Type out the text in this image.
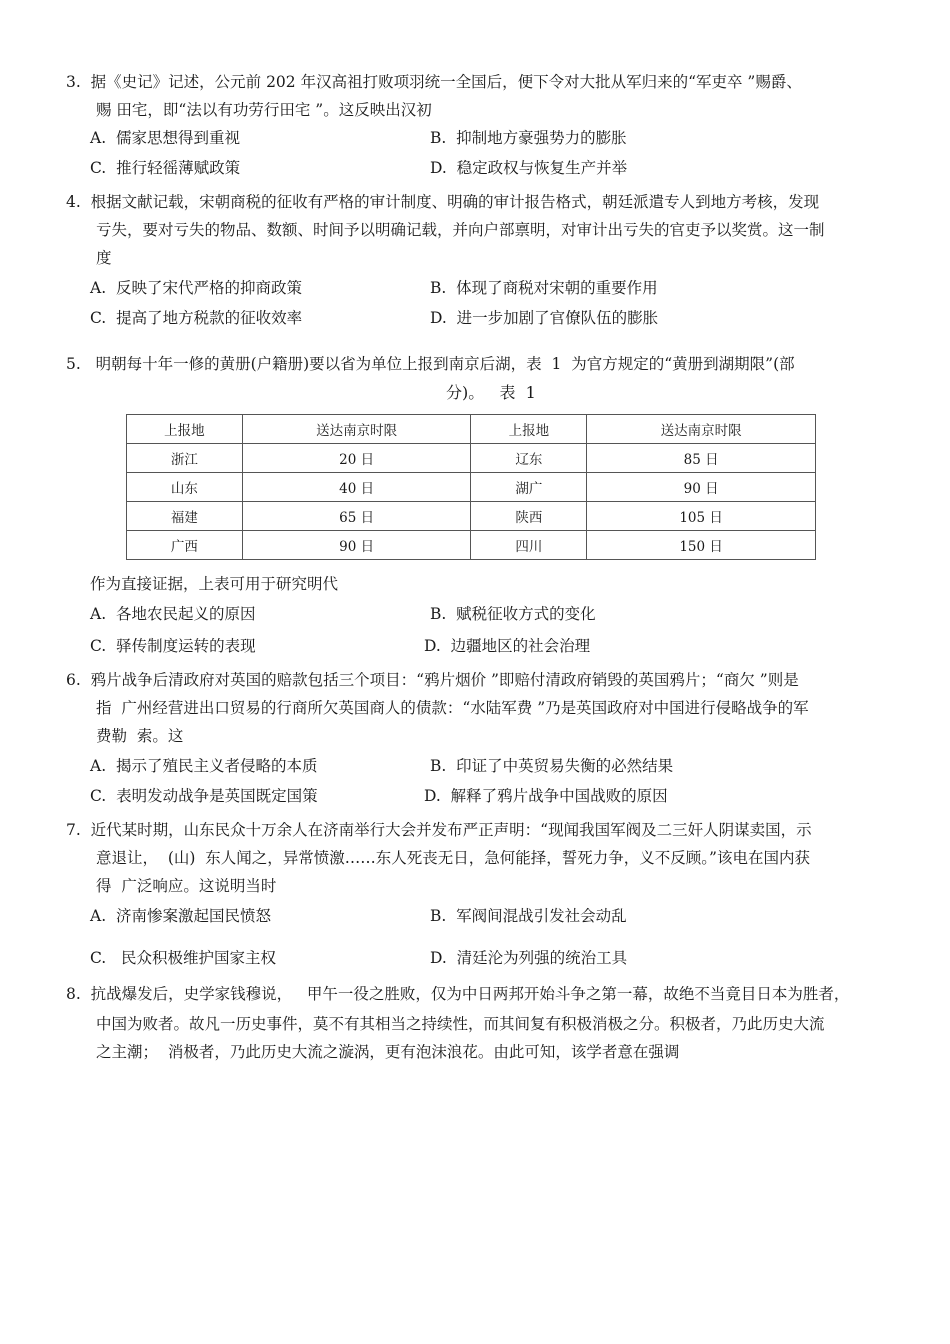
3.  据《史记》记述，公元前 202 年汉高祖打败项羽统一全国后，便下令对大批从军归来的“军吏卒 ”赐爵、
赐 田宅，即“法以有功劳行田宅 ”。这反映出汉初
A.  儒家思想得到重视	B.  抑制地方豪强势力的膨胀
C.  推行轻徭薄赋政策	D.  稳定政权与恢复生产并举
4.  根据文献记载，宋朝商税的征收有严格的审计制度、明确的审计报告格式，朝廷派遣专人到地方考核，发现
亏失，要对亏失的物品、数额、时间予以明确记载，并向户部禀明，对审计出亏失的官吏予以奖赏。这一制
度
A.  反映了宋代严格的抑商政策	B.  体现了商税对宋朝的重要作用
C.  提高了地方税款的征收效率	D.  进一步加剧了官僚队伍的膨胀
5.   明朝每十年一修的黄册(户籍册)要以省为单位上报到南京后湖，表  1  为官方规定的“黄册到湖期限”(部
分)。   表  1
上报地	送达南京时限	上报地	送达南京时限
浙江	20 日	辽东	85 日
山东	40 日	湖广	90 日
福建	65 日	陕西	105 日
广西	90 日	四川	150 日
作为直接证据，上表可用于研究明代
A.  各地农民起义的原因	B.  赋税征收方式的变化
C.  驿传制度运转的表现	D.  边疆地区的社会治理
6.  鸦片战争后清政府对英国的赔款包括三个项目：“鸦片烟价 ”即赔付清政府销毁的英国鸦片；“商欠 ”则是
指  广州经营进出口贸易的行商所欠英国商人的债款：“水陆军费 ”乃是英国政府对中国进行侵略战争的军
费勒  索。这
A.  揭示了殖民主义者侵略的本质	B.  印证了中英贸易失衡的必然结果
C.  表明发动战争是英国既定国策	D.  解释了鸦片战争中国战败的原因
7.  近代某时期，山东民众十万余人在济南举行大会并发布严正声明：“现闻我国军阀及二三奸人阴谋卖国，示
意退让，  (山)  东人闻之，异常愤激……东人死丧无日，急何能择，誓死力争，义不反顾。”该电在国内获
得  广泛响应。这说明当时
A.  济南惨案激起国民愤怒	B.  军阀间混战引发社会动乱
C.   民众积极维护国家主权	D.  清廷沦为列强的统治工具
8.  抗战爆发后，史学家钱穆说，   甲午一役之胜败，仅为中日两邦开始斗争之第一幕，故绝不当竟目日本为胜者，
中国为败者。故凡一历史事件，莫不有其相当之持续性，而其间复有积极消极之分。积极者，乃此历史大流
之主潮；  消极者，乃此历史大流之漩涡，更有泡沫浪花。由此可知，该学者意在强调
